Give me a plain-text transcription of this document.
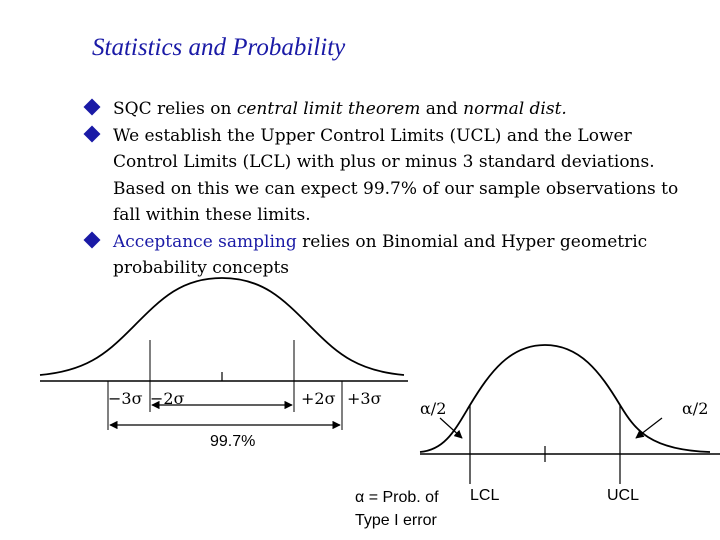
Statistics and Probability
SQC relies on central limit theorem and normal dist.
We establish the Upper Control Limits (UCL) and the Lower Control Limits (LCL) with plus or minus 3 standard deviations. Based on this we can expect 99.7% of our sample observations to fall within these limits.
Acceptance sampling relies on Binomial and Hyper geometric probability concepts
−3σ −2σ	+2σ +3σ
99.7%
α/2	α/2
LCL	UCL
α = Prob. of
Type I error
